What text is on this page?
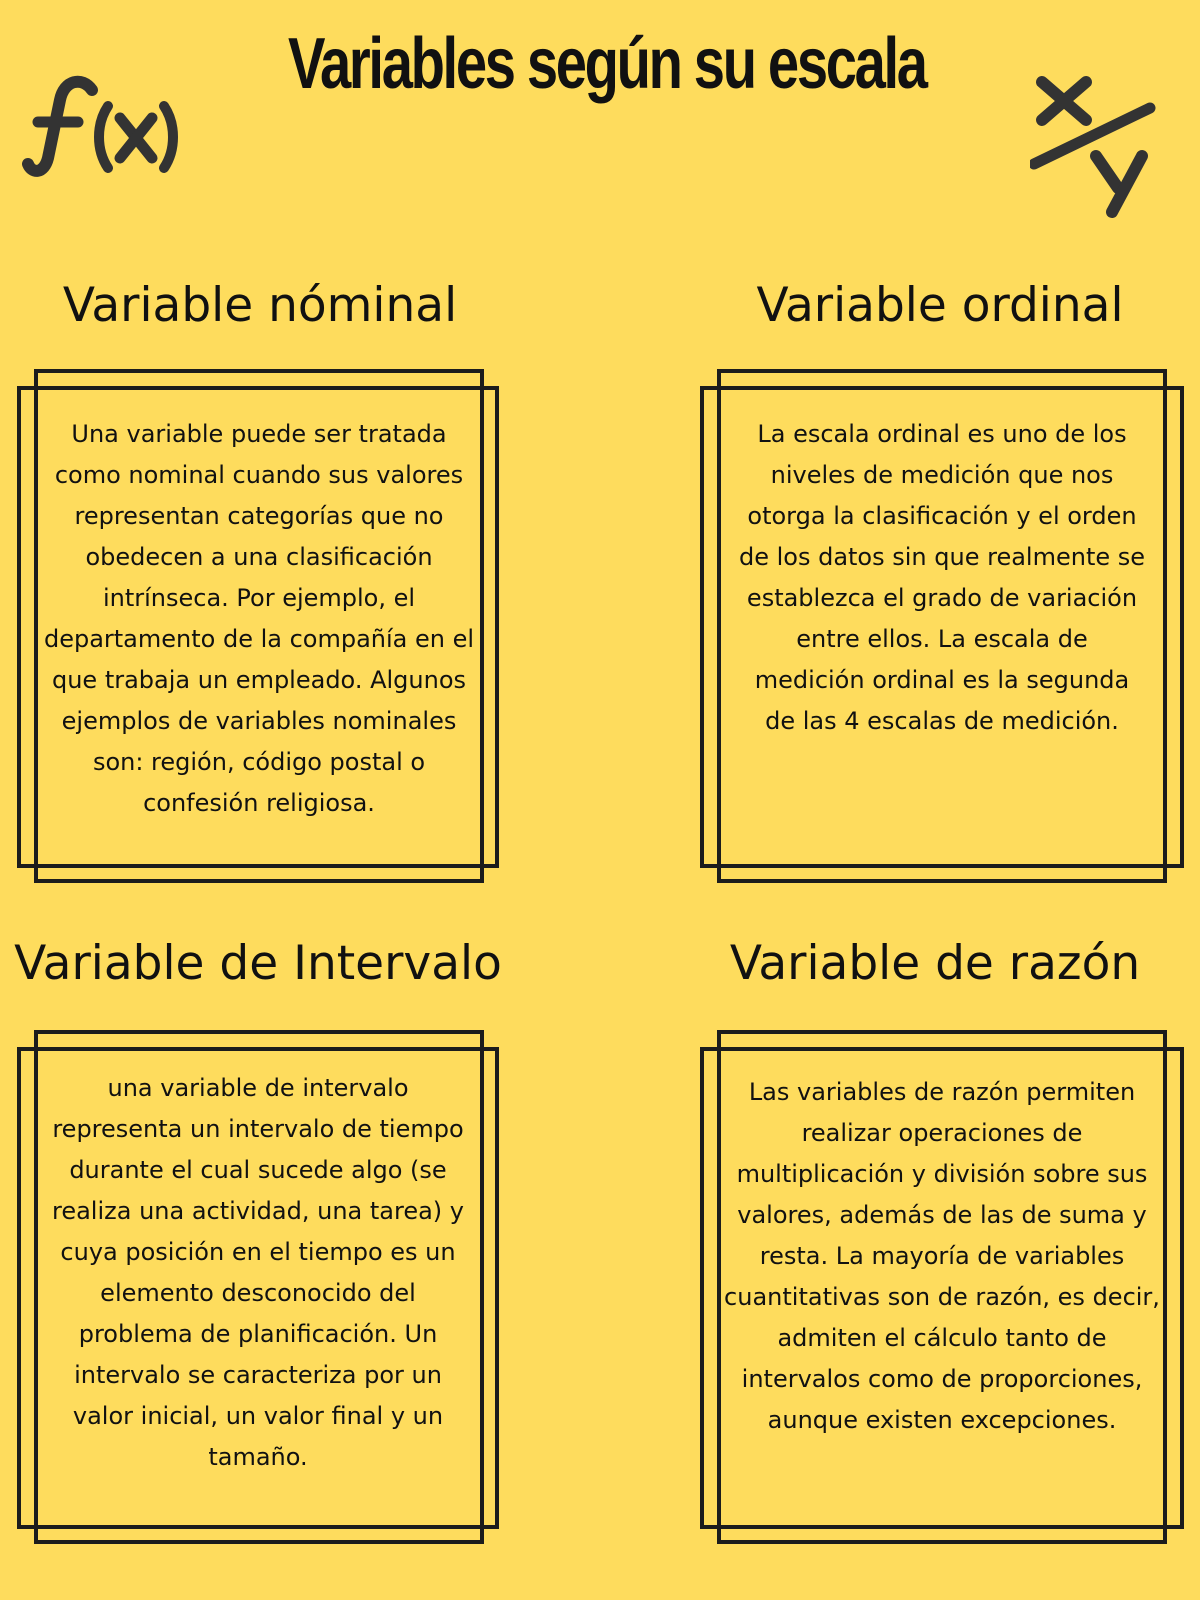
Variables según su escala
Variable nóminal

Una variable puede ser tratada como nominal cuando sus valores representan categorías que no obedecen a una clasificación intrínseca. Por ejemplo, el departamento de la compañía en el que trabaja un empleado. Algunos ejemplos de variables nominales son: región, código postal o confesión religiosa.

Variable ordinal

La escala ordinal es uno de los niveles de medición que nos otorga la clasificación y el orden de los datos sin que realmente se establezca el grado de variación entre ellos. La escala de medición ordinal es la segunda de las 4 escalas de medición.

Variable de Intervalo

una variable de intervalo representa un intervalo de tiempo durante el cual sucede algo (se realiza una actividad, una tarea) y cuya posición en el tiempo es un elemento desconocido del problema de planificación. Un intervalo se caracteriza por un valor inicial, un valor final y un tamaño.

Variable de razón

Las variables de razón permiten realizar operaciones de multiplicación y división sobre sus valores, además de las de suma y resta. La mayoría de variables cuantitativas son de razón, es decir, admiten el cálculo tanto de intervalos como de proporciones, aunque existen excepciones.
